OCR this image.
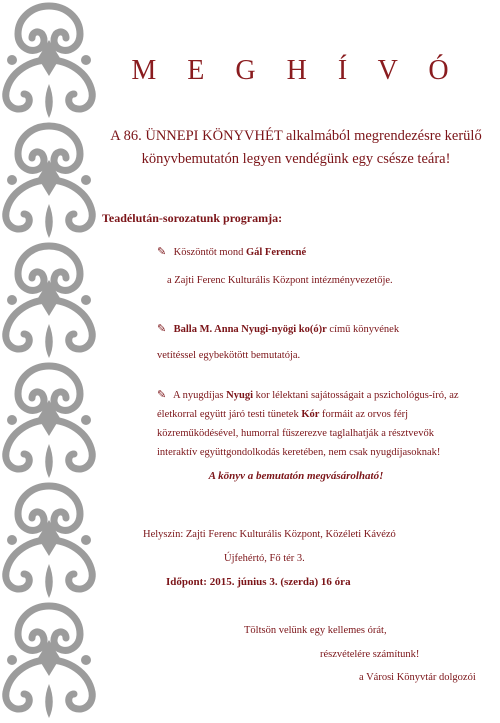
M E G H Í V Ó
A 86. ÜNNEPI KÖNYVHÉT alkalmából megrendezésre kerülő
könyvbemutatón legyen vendégünk egy csésze teára!
Teadélután-sorozatunk programja:
✎ Köszöntőt mond Gál Ferencné
a Zajti Ferenc Kulturális Központ intézményvezetője.
✎ Balla M. Anna Nyugi-nyögi ko(ó)r című könyvének
vetítéssel egybekötött bemutatója.
✎ A nyugdíjas Nyugi kor lélektani sajátosságait a pszichológus-író, az
életkorral együtt járó testi tünetek Kór formáit az orvos férj
közreműködésével, humorral fűszerezve taglalhatják a résztvevők
interaktív együttgondolkodás keretében, nem csak nyugdíjasoknak!
A könyv a bemutatón megvásárolható!
Helyszín: Zajti Ferenc Kulturális Központ, Közéleti Kávézó
Újfehértó, Fő tér 3.
Időpont: 2015. június 3. (szerda) 16 óra
Töltsön velünk egy kellemes órát,
részvételére számítunk!
a Városi Könyvtár dolgozói
